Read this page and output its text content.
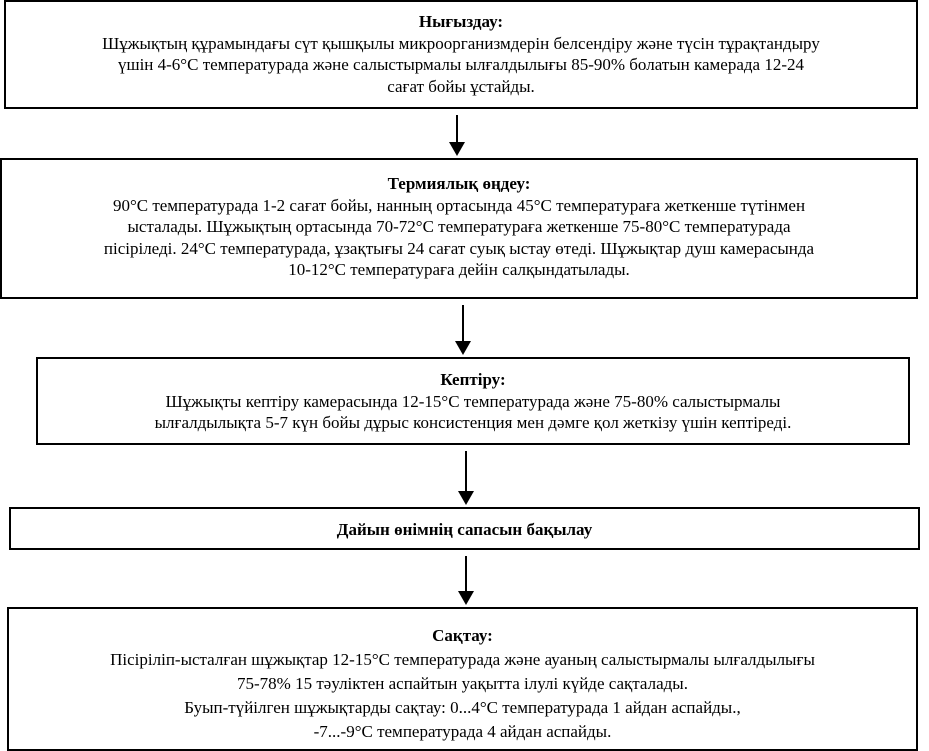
Нығыздау:
Шұжықтың құрамындағы сүт қышқылы микроорганизмдерін белсендіру және түсін тұрақтандыру
үшін 4-6°С температурада және салыстырмалы ылғалдылығы 85-90% болатын камерада 12-24
сағат бойы ұстайды.
Термиялық өңдеу:
90°С температурада 1-2 сағат бойы, нанның ортасында 45°С температураға жеткенше түтінмен
ысталады. Шұжықтың ортасында 70-72°С температураға жеткенше 75-80°С температурада
пісіріледі. 24°С температурада, ұзақтығы 24 сағат суық ыстау өтеді. Шұжықтар душ камерасында
10-12°С температураға дейін салқындатылады.
Кептіру:
Шұжықты кептіру камерасында 12-15°С температурада және 75-80% салыстырмалы
ылғалдылықта 5-7 күн бойы дұрыс консистенция мен дәмге қол жеткізу үшін кептіреді.
Дайын өнімнің сапасын бақылау
Сақтау:
Пісіріліп-ысталған шұжықтар 12-15°С температурада және ауаның салыстырмалы ылғалдылығы
75-78% 15 тәуліктен аспайтын уақытта ілулі күйде сақталады.
Буып-түйілген шұжықтарды сақтау: 0...4°С температурада 1 айдан аспайды.,
-7...-9°С температурада 4 айдан аспайды.
